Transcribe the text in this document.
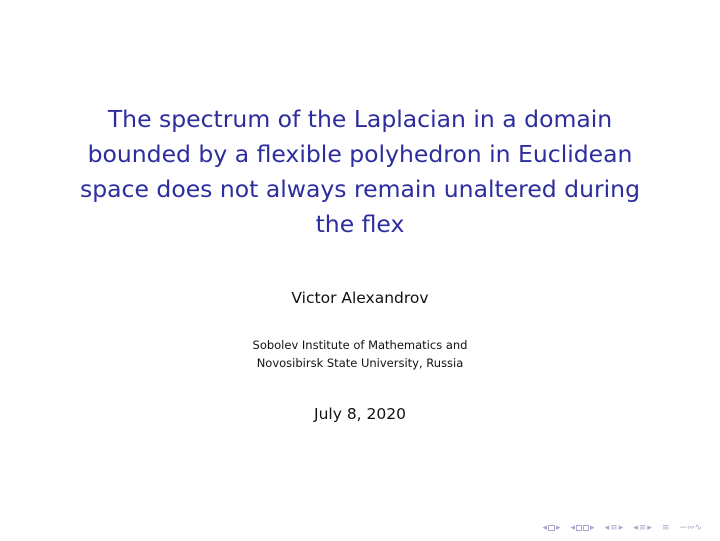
The spectrum of the Laplacian in a domain
bounded by a flexible polyhedron in Euclidean
space does not always remain unaltered during
the flex
Victor Alexandrov
Sobolev Institute of Mathematics and
Novosibirsk State University, Russia
July 8, 2020
◂ ▸ ◂ ▸ ◂ ≡ ▸ ◂ ≡ ▸ ≡ ∽∾∿
